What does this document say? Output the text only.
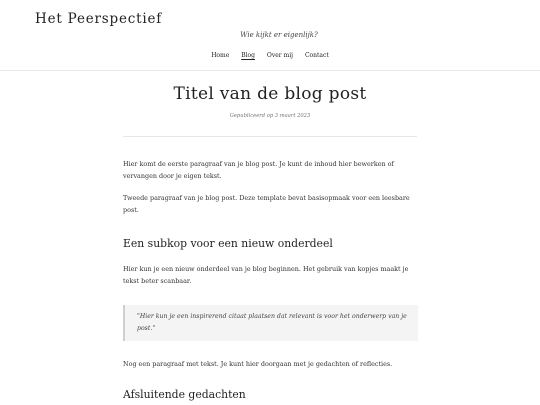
Het Peerspectief
Wie kijkt er eigenlijk?
Home Blog Over mij Contact
Titel van de blog post
Gepubliceerd op 3 maart 2023

Hier komt de eerste paragraaf van je blog post. Je kunt de inhoud hier bewerken of vervangen door je eigen tekst.

Tweede paragraaf van je blog post. Deze template bevat basisopmaak voor een leesbare post.

Een subkop voor een nieuw onderdeel

Hier kun je een nieuw onderdeel van je blog beginnen. Het gebruik van kopjes maakt je tekst beter scanbaar.

"Hier kun je een inspirerend citaat plaatsen dat relevant is voor het onderwerp van je post."

Nog een paragraaf met tekst. Je kunt hier doorgaan met je gedachten of reflecties.

Afsluitende gedachten
